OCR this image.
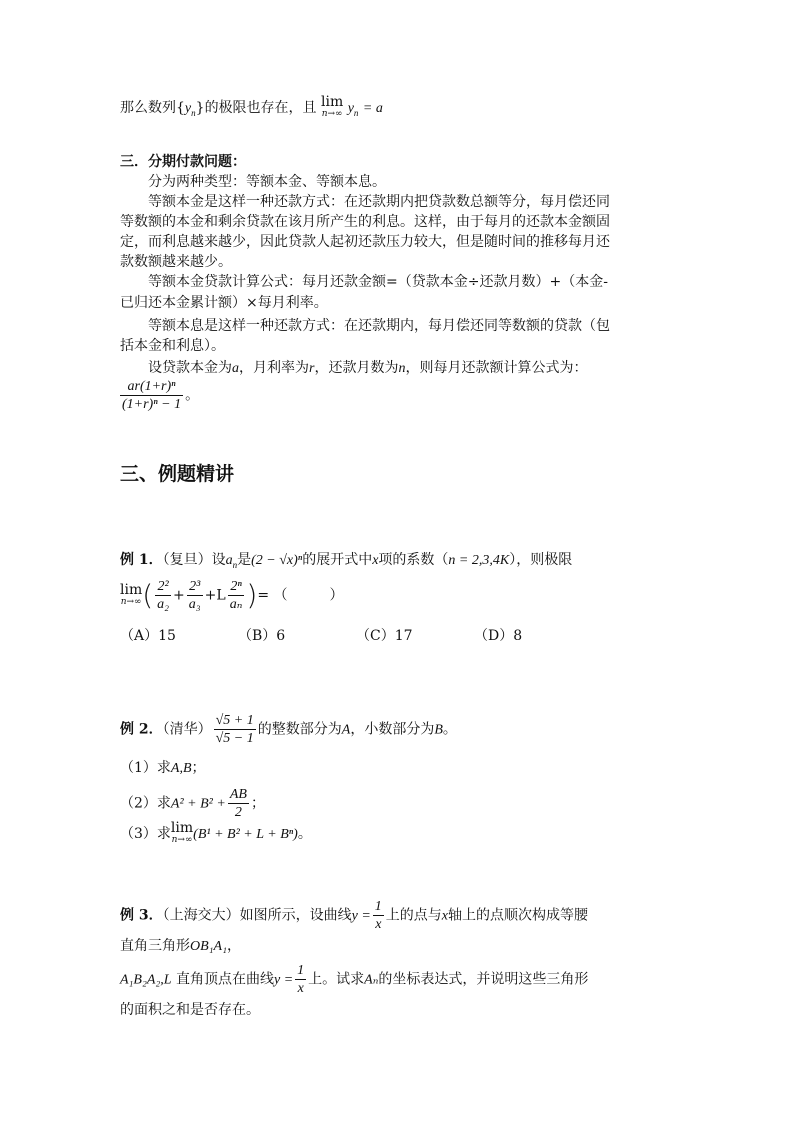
那么数列$\{y_n\}$的极限也存在，且 lim
n→∞ $y_n = a$
三．分期付款问题：
分为两种类型：等额本金、等额本息。
等额本金是这样一种还款方式：在还款期内把贷款数总额等分，每月偿还同
等数额的本金和剩余贷款在该月所产生的利息。这样，由于每月的还款本金额固
定，而利息越来越少，因此贷款人起初还款压力较大，但是随时间的推移每月还
款数额越来越少。
等额本金贷款计算公式：每月还款金额=（贷款本金÷还款月数）+（本金-
已归还本金累计额）×每月利率。
等额本息是这样一种还款方式：在还款期内，每月偿还同等数额的贷款（包
括本金和利息）。
设贷款本金为a，月利率为r，还款月数为n，则每月还款额计算公式为：
$\frac{\text{ar(1+r)ⁿ}}{\text{(1+r)ⁿ − 1}}$ 。
三、例题精讲
例 1．（复旦）设$a_n$是(2 − √x)ⁿ的展开式中x项的系数（n = 2,3,4K），则极限
lim
n→∞ ( $\frac{\text{2²}}{\text{a₂}} + \frac{\text{2³}}{\text{a₃}} +L \frac{\text{2ⁿ}}{\text{aₙ}}$ )= （　　　）
（A）15	（B）6	（C）17	（D）8
例 2．（清华） $\frac{√5 + 1}{√5 - 1}$ 的整数部分为A，小数部分为B。
（1）求A,B；
（2）求$A^2 + B^2 + \frac{AB}{2}$ ；
（3）求lim
n→∞ (B¹ + B² + L + Bⁿ)。
例 3．（上海交大）如图所示，设曲线$y = \frac{1}{x}$ 上的点与x轴上的点顺次构成等腰
直角三角形OB₁A₁，
A₁B₂A₂,L 直角顶点在曲线$y = \frac{1}{x}$ 上。试求Aₙ的坐标表达式，并说明这些三角形
的面积之和是否存在。
